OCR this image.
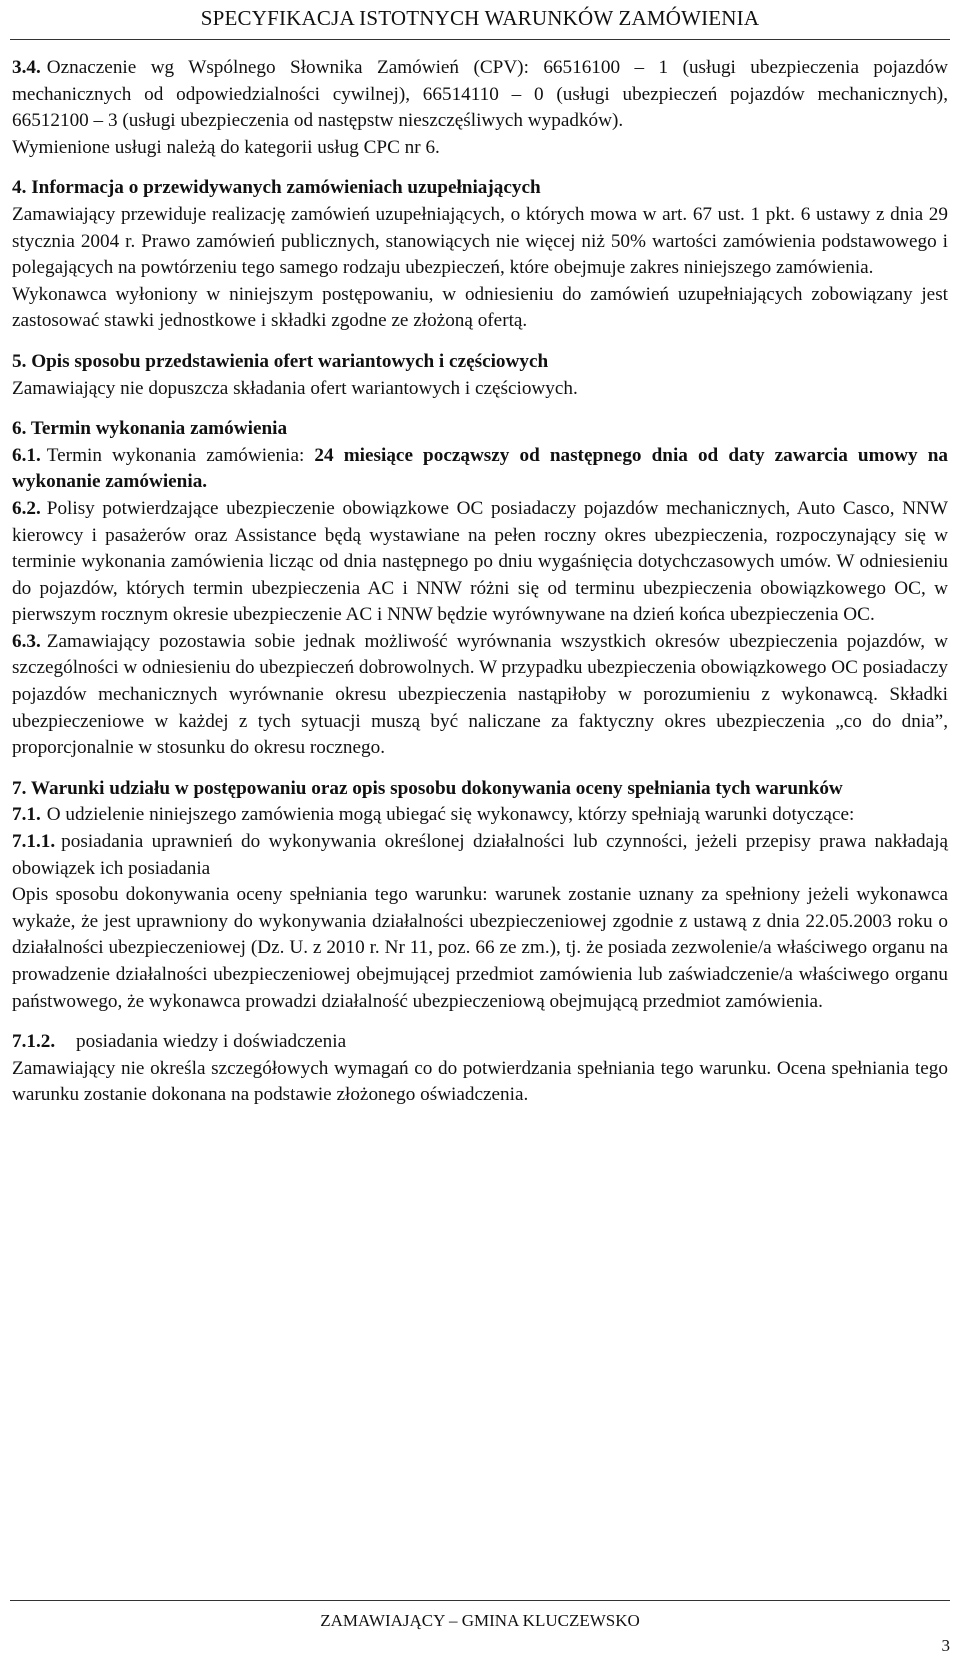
SPECYFIKACJA ISTOTNYCH WARUNKÓW ZAMÓWIENIA

3.4. Oznaczenie wg Wspólnego Słownika Zamówień (CPV): 66516100 – 1 (usługi ubezpieczenia pojazdów mechanicznych od odpowiedzialności cywilnej), 66514110 – 0 (usługi ubezpieczeń pojazdów mechanicznych), 66512100 – 3 (usługi ubezpieczenia od następstw nieszczęśliwych wypadków).

Wymienione usługi należą do kategorii usług CPC nr 6.

4. Informacja o przewidywanych zamówieniach uzupełniających

Zamawiający przewiduje realizację zamówień uzupełniających, o których mowa w art. 67 ust. 1 pkt. 6 ustawy z dnia 29 stycznia 2004 r. Prawo zamówień publicznych, stanowiących nie więcej niż 50% wartości zamówienia podstawowego i polegających na powtórzeniu tego samego rodzaju ubezpieczeń, które obejmuje zakres niniejszego zamówienia.

Wykonawca wyłoniony w niniejszym postępowaniu, w odniesieniu do zamówień uzupełniających zobowiązany jest zastosować stawki jednostkowe i składki zgodne ze złożoną ofertą.

5. Opis sposobu przedstawienia ofert wariantowych i częściowych

Zamawiający nie dopuszcza składania ofert wariantowych i częściowych.

6. Termin wykonania zamówienia

6.1. Termin wykonania zamówienia: 24 miesiące począwszy od następnego dnia od daty zawarcia umowy na wykonanie zamówienia.

6.2. Polisy potwierdzające ubezpieczenie obowiązkowe OC posiadaczy pojazdów mechanicznych, Auto Casco, NNW kierowcy i pasażerów oraz Assistance będą wystawiane na pełen roczny okres ubezpieczenia, rozpoczynający się w terminie wykonania zamówienia licząc od dnia następnego po dniu wygaśnięcia dotychczasowych umów. W odniesieniu do pojazdów, których termin ubezpieczenia AC i NNW różni się od terminu ubezpieczenia obowiązkowego OC, w pierwszym rocznym okresie ubezpieczenie AC i NNW będzie wyrównywane na dzień końca ubezpieczenia OC.

6.3. Zamawiający pozostawia sobie jednak możliwość wyrównania wszystkich okresów ubezpieczenia pojazdów, w szczególności w odniesieniu do ubezpieczeń dobrowolnych. W przypadku ubezpieczenia obowiązkowego OC posiadaczy pojazdów mechanicznych wyrównanie okresu ubezpieczenia nastąpiłoby w porozumieniu z wykonawcą. Składki ubezpieczeniowe w każdej z tych sytuacji muszą być naliczane za faktyczny okres ubezpieczenia „co do dnia”, proporcjonalnie w stosunku do okresu rocznego.

7. Warunki udziału w postępowaniu oraz opis sposobu dokonywania oceny spełniania tych warunków

7.1. O udzielenie niniejszego zamówienia mogą ubiegać się wykonawcy, którzy spełniają warunki dotyczące:

7.1.1. posiadania uprawnień do wykonywania określonej działalności lub czynności, jeżeli przepisy prawa nakładają obowiązek ich posiadania

Opis sposobu dokonywania oceny spełniania tego warunku: warunek zostanie uznany za spełniony jeżeli wykonawca wykaże, że jest uprawniony do wykonywania działalności ubezpieczeniowej zgodnie z ustawą z dnia 22.05.2003 roku o działalności ubezpieczeniowej (Dz. U. z 2010 r. Nr 11, poz. 66 ze zm.), tj. że posiada zezwolenie/a właściwego organu na prowadzenie działalności ubezpieczeniowej obejmującej przedmiot zamówienia lub zaświadczenie/a właściwego organu państwowego, że wykonawca prowadzi działalność ubezpieczeniową obejmującą przedmiot zamówienia.

7.1.2. posiadania wiedzy i doświadczenia

Zamawiający nie określa szczegółowych wymagań co do potwierdzania spełniania tego warunku. Ocena spełniania tego warunku zostanie dokonana na podstawie złożonego oświadczenia.

ZAMAWIAJĄCY – GMINA KLUCZEWSKO
3
